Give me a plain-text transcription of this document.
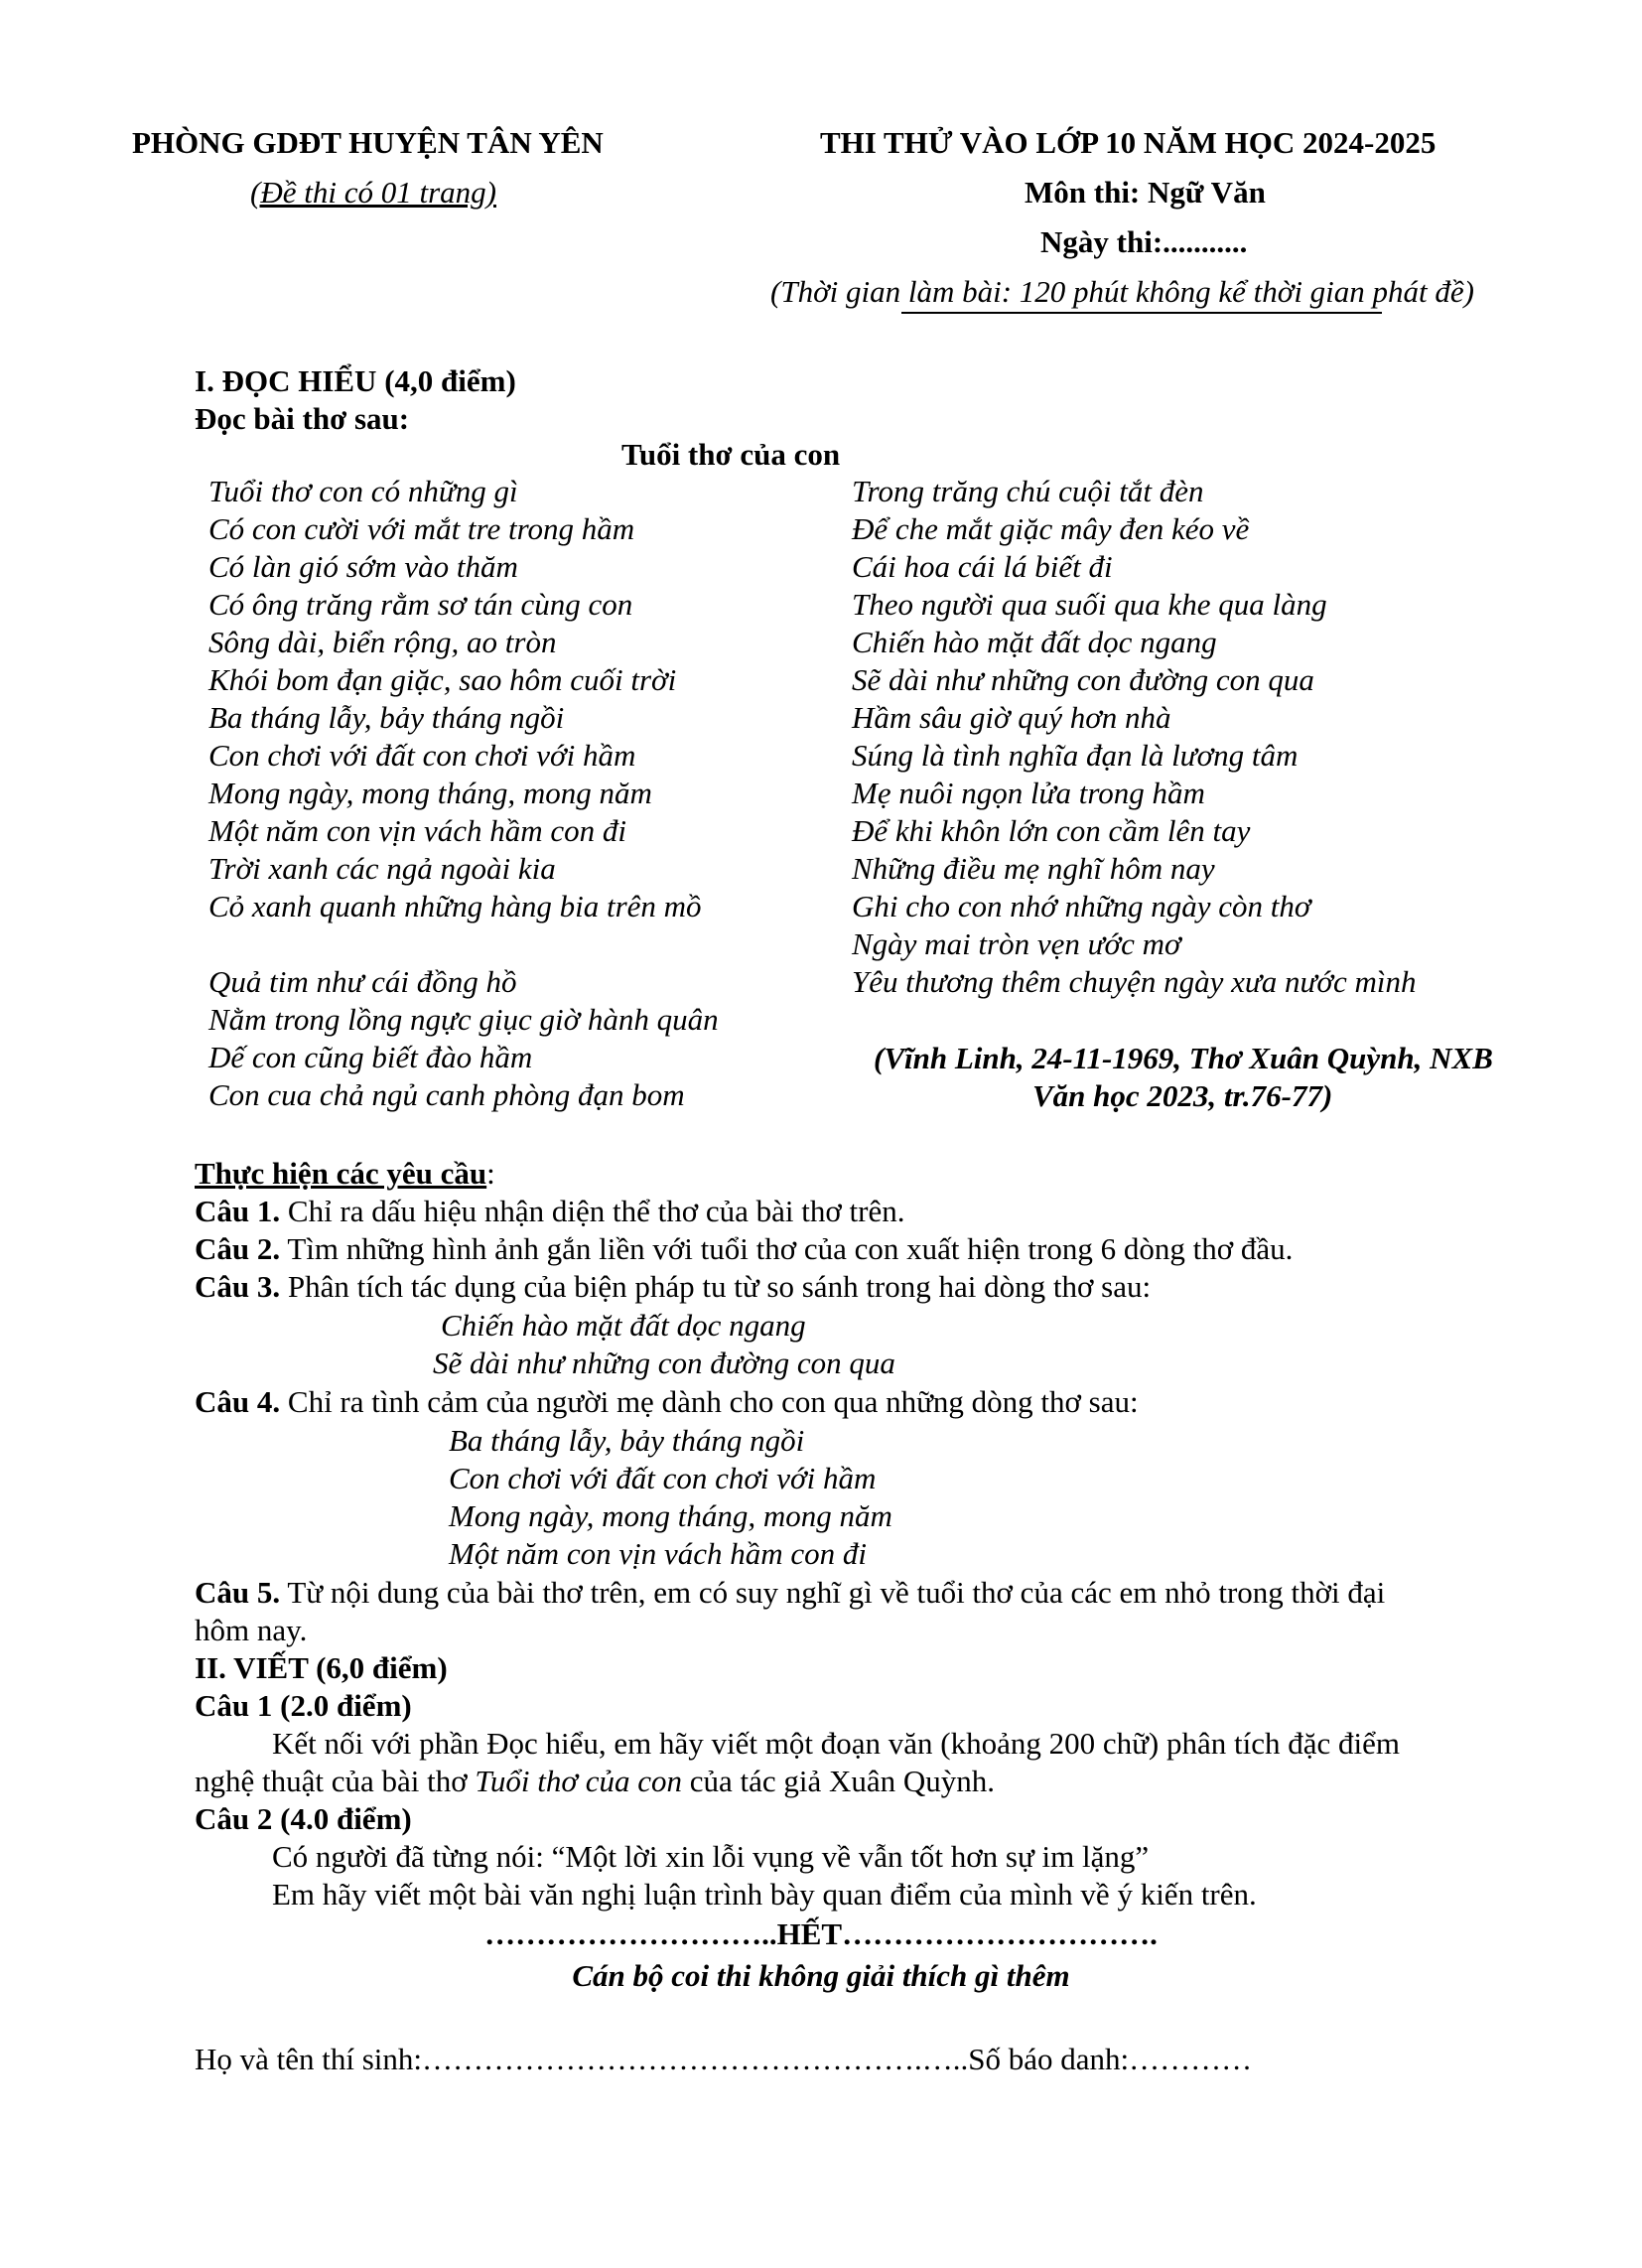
PHÒNG GDĐT HUYỆN TÂN YÊN
(Đề thi có 01 trang)
THI THỬ VÀO LỚP 10 NĂM HỌC 2024-2025
Môn thi: Ngữ Văn
Ngày thi:...........
(Thời gian làm bài: 120 phút không kể thời gian phát đề)
I. ĐỌC HIỂU (4,0 điểm)
Đọc bài thơ sau:
Tuổi thơ của con
Tuổi thơ con có những gì
Có con cười với mắt tre trong hầm
Có làn gió sớm vào thăm
Có ông trăng rằm sơ tán cùng con
Sông dài, biển rộng, ao tròn
Khói bom đạn giặc, sao hôm cuối trời
Ba tháng lẫy, bảy tháng ngồi
Con chơi với đất con chơi với hầm
Mong ngày, mong tháng, mong năm
Một năm con vịn vách hầm con đi
Trời xanh các ngả ngoài kia
Cỏ xanh quanh những hàng bia trên mồ
Quả tim như cái đồng hồ
Nằm trong lồng ngực giục giờ hành quân
Dế con cũng biết đào hầm
Con cua chả ngủ canh phòng đạn bom
Trong trăng chú cuội tắt đèn
Để che mắt giặc mây đen kéo về
Cái hoa cái lá biết đi
Theo người qua suối qua khe qua làng
Chiến hào mặt đất dọc ngang
Sẽ dài như những con đường con qua
Hầm sâu giờ quý hơn nhà
Súng là tình nghĩa đạn là lương tâm
Mẹ nuôi ngọn lửa trong hầm
Để khi khôn lớn con cầm lên tay
Những điều mẹ nghĩ hôm nay
Ghi cho con nhớ những ngày còn thơ
Ngày mai tròn vẹn ước mơ
Yêu thương thêm chuyện ngày xưa nước mình
(Vĩnh Linh, 24-11-1969, Thơ Xuân Quỳnh, NXB
Văn học 2023, tr.76-77)
Thực hiện các yêu cầu:
Câu 1. Chỉ ra dấu hiệu nhận diện thể thơ của bài thơ trên.
Câu 2. Tìm những hình ảnh gắn liền với tuổi thơ của con xuất hiện trong 6 dòng thơ đầu.
Câu 3. Phân tích tác dụng của biện pháp tu từ so sánh trong hai dòng thơ sau:
Chiến hào mặt đất dọc ngang
Sẽ dài như những con đường con qua
Câu 4. Chỉ ra tình cảm của người mẹ dành cho con qua những dòng thơ sau:
Ba tháng lẫy, bảy tháng ngồi
Con chơi với đất con chơi với hầm
Mong ngày, mong tháng, mong năm
Một năm con vịn vách hầm con đi
Câu 5. Từ nội dung của bài thơ trên, em có suy nghĩ gì về tuổi thơ của các em nhỏ trong thời đại
hôm nay.
II. VIẾT (6,0 điểm)
Câu 1 (2.0 điểm)
Kết nối với phần Đọc hiểu, em hãy viết một đoạn văn (khoảng 200 chữ) phân tích đặc điểm
nghệ thuật của bài thơ Tuổi thơ của con của tác giả Xuân Quỳnh.
Câu 2 (4.0 điểm)
Có người đã từng nói: “Một lời xin lỗi vụng về vẫn tốt hơn sự im lặng”
Em hãy viết một bài văn nghị luận trình bày quan điểm của mình về ý kiến trên.
………………………..HẾT………………………….
Cán bộ coi thi không giải thích gì thêm
Họ và tên thí sinh:………………………………………….…..Số báo danh:…………
